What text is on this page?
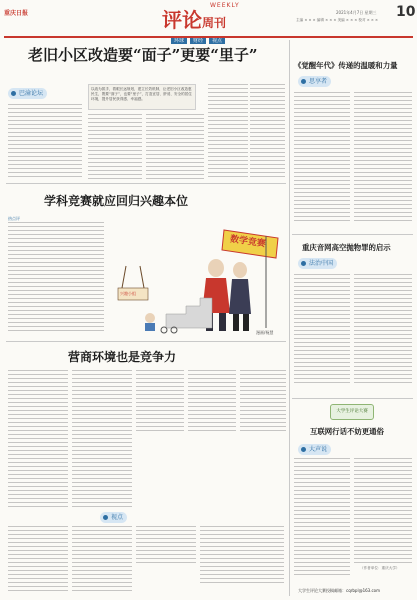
重庆日报
WEEKLY
评论周刊
环球 财经 视点
2021年4月7日 星期三
主编 × × × 编辑 × × × 美编 × × × 校对 × × × 10
老旧小区改造要“面子”更要“里子”
巴渝论坛
以改为抓手，着眼长远规划，建立长效机制，让老旧小区改造惠民生，既要“面子”，也要“里子”，打造宜居、舒适、安全的居住环境，提升居民获得感、幸福感。
学科竞赛就应回归兴趣本位
热点评
数学竞赛
兴趣小组
漫画/杨慧
营商环境也是竞争力
视点
《觉醒年代》传递的温暖和力量
思享者
重庆音网高空抛物罪的启示
法治中国
大学生评论大赛
互联网行话不妨更通俗
大声说
（作者单位：重庆大学）
大学生评论大赛投稿邮箱：cqrbpl@163.com
